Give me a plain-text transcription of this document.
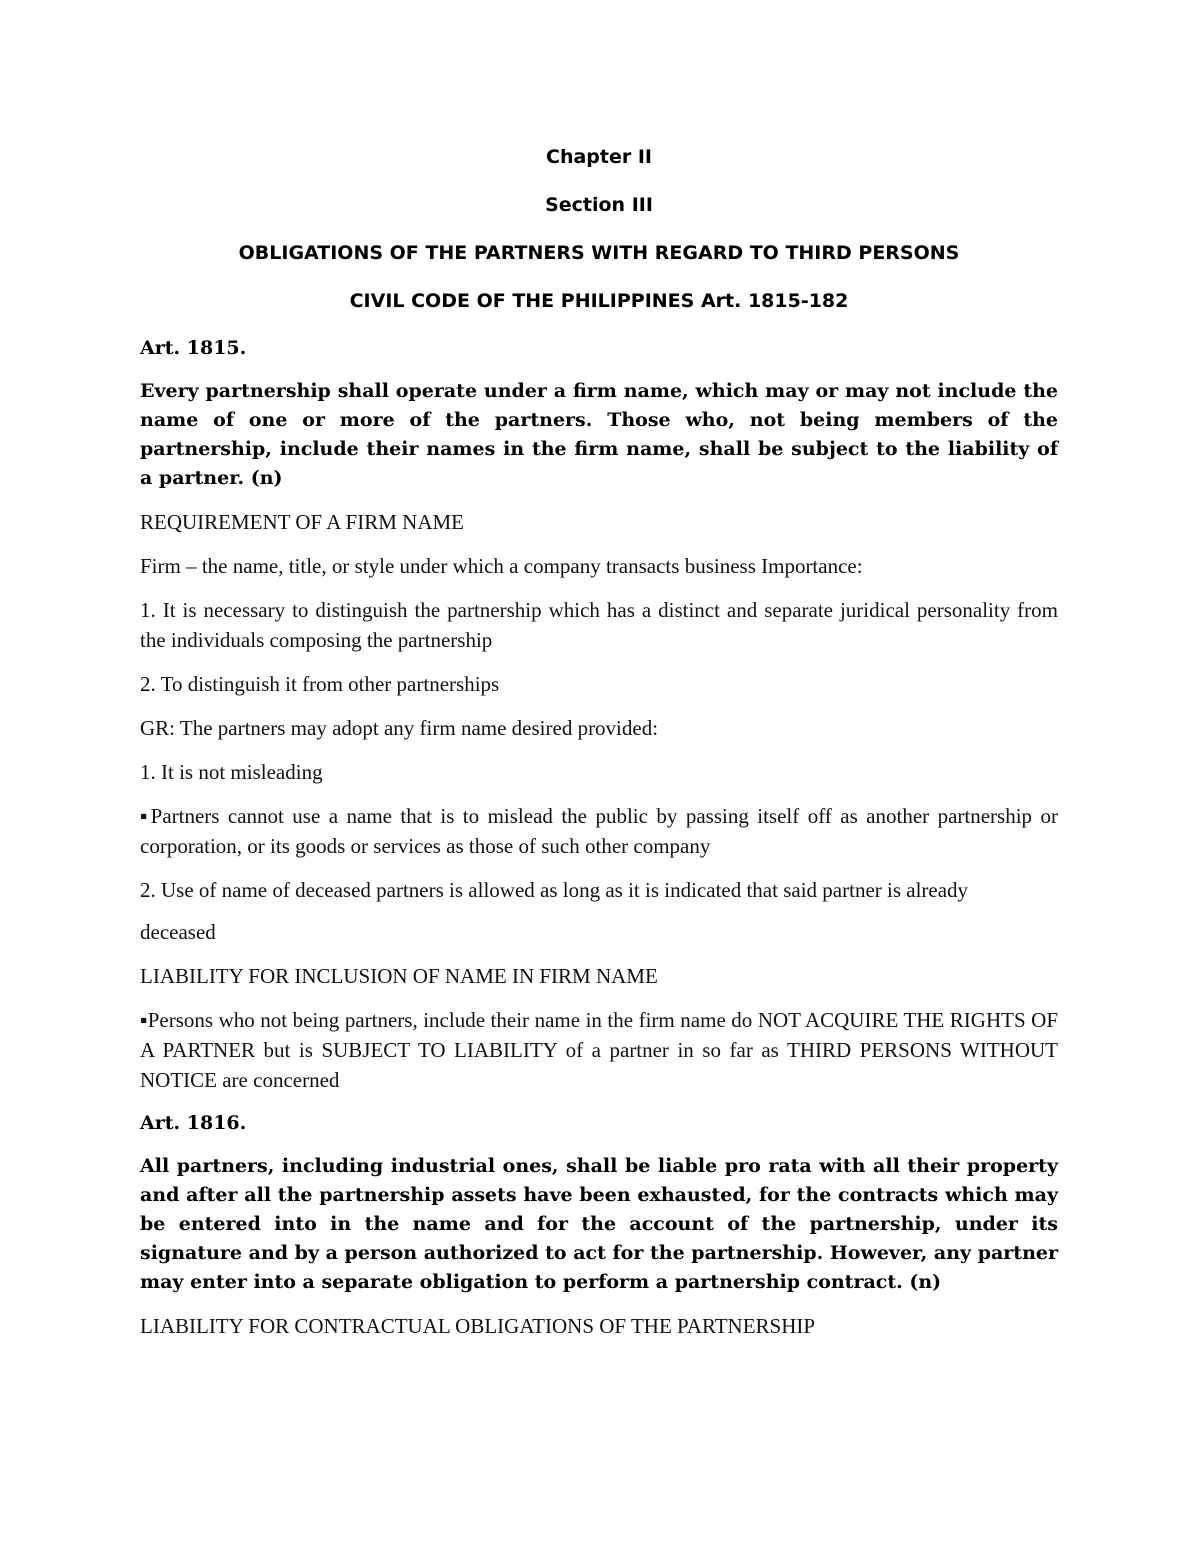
Chapter II

Section III

OBLIGATIONS OF THE PARTNERS WITH REGARD TO THIRD PERSONS

CIVIL CODE OF THE PHILIPPINES Art. 1815-182

Art. 1815.

Every partnership shall operate under a firm name, which may or may not include the name of one or more of the partners. Those who, not being members of the partnership, include their names in the firm name, shall be subject to the liability of a partner. (n)

REQUIREMENT OF A FIRM NAME

Firm – the name, title, or style under which a company transacts business Importance:

1. It is necessary to distinguish the partnership which has a distinct and separate juridical personality from the individuals composing the partnership

2. To distinguish it from other partnerships

GR: The partners may adopt any firm name desired provided:

1. It is not misleading

▪Partners cannot use a name that is to mislead the public by passing itself off as another partnership or corporation, or its goods or services as those of such other company

2. Use of name of deceased partners is allowed as long as it is indicated that said partner is already

deceased

LIABILITY FOR INCLUSION OF NAME IN FIRM NAME

▪Persons who not being partners, include their name in the firm name do NOT ACQUIRE THE RIGHTS OF A PARTNER but is SUBJECT TO LIABILITY of a partner in so far as THIRD PERSONS WITHOUT NOTICE are concerned

Art. 1816.

All partners, including industrial ones, shall be liable pro rata with all their property and after all the partnership assets have been exhausted, for the contracts which may be entered into in the name and for the account of the partnership, under its signature and by a person authorized to act for the partnership. However, any partner may enter into a separate obligation to perform a partnership contract. (n)

LIABILITY FOR CONTRACTUAL OBLIGATIONS OF THE PARTNERSHIP
